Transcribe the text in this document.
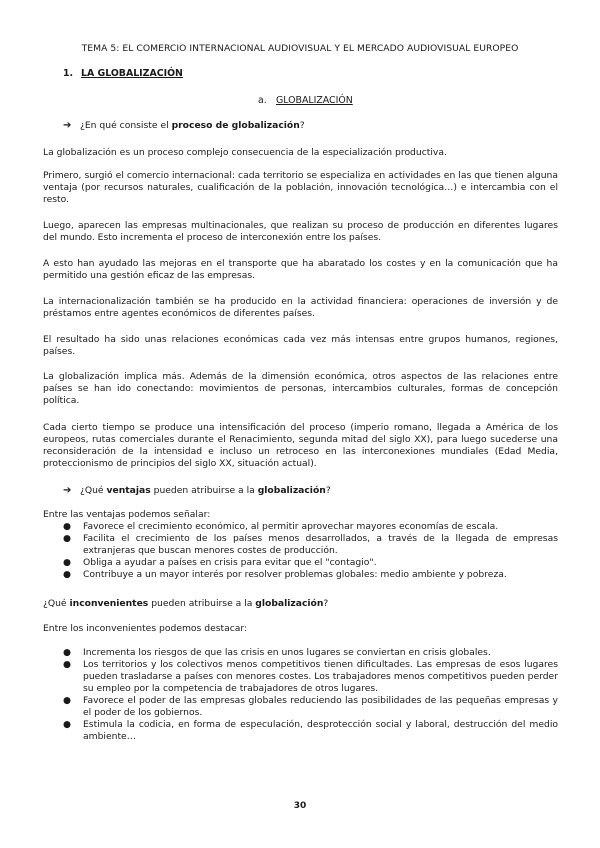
TEMA 5: EL COMERCIO INTERNACIONAL AUDIOVISUAL Y EL MERCADO AUDIOVISUAL EUROPEO
1. LA GLOBALIZACIÓN
a. GLOBALIZACIÓN
➔ ¿En qué consiste el proceso de globalización?
La globalización es un proceso complejo consecuencia de la especialización productiva.
Primero, surgió el comercio internacional: cada territorio se especializa en actividades en las que tienen alguna ventaja (por recursos naturales, cualificación de la población, innovación tecnológica…) e intercambia con el resto.
Luego, aparecen las empresas multinacionales, que realizan su proceso de producción en diferentes lugares del mundo. Esto incrementa el proceso de interconexión entre los países.
A esto han ayudado las mejoras en el transporte que ha abaratado los costes y en la comunicación que ha permitido una gestión eficaz de las empresas.
La internacionalización también se ha producido en la actividad financiera: operaciones de inversión y de préstamos entre agentes económicos de diferentes países.
El resultado ha sido unas relaciones económicas cada vez más intensas entre grupos humanos, regiones, países.
La globalización implica más. Además de la dimensión económica, otros aspectos de las relaciones entre países se han ido conectando: movimientos de personas, intercambios culturales, formas de concepción política.
Cada cierto tiempo se produce una intensificación del proceso (imperio romano, llegada a América de los europeos, rutas comerciales durante el Renacimiento, segunda mitad del siglo XX), para luego sucederse una reconsideración de la intensidad e incluso un retroceso en las interconexiones mundiales (Edad Media, proteccionismo de principios del siglo XX, situación actual).
➔ ¿Qué ventajas pueden atribuirse a la globalización?
Entre las ventajas podemos señalar:
● Favorece el crecimiento económico, al permitir aprovechar mayores economías de escala.
● Facilita el crecimiento de los países menos desarrollados, a través de la llegada de empresas extranjeras que buscan menores costes de producción.
● Obliga a ayudar a países en crisis para evitar que el "contagio".
● Contribuye a un mayor interés por resolver problemas globales: medio ambiente y pobreza.
¿Qué inconvenientes pueden atribuirse a la globalización?
Entre los inconvenientes podemos destacar:
● Incrementa los riesgos de que las crisis en unos lugares se conviertan en crisis globales.
● Los territorios y los colectivos menos competitivos tienen dificultades. Las empresas de esos lugares pueden trasladarse a países con menores costes. Los trabajadores menos competitivos pueden perder su empleo por la competencia de trabajadores de otros lugares.
● Favorece el poder de las empresas globales reduciendo las posibilidades de las pequeñas empresas y el poder de los gobiernos.
● Estimula la codicia, en forma de especulación, desprotección social y laboral, destrucción del medio ambiente…
30
